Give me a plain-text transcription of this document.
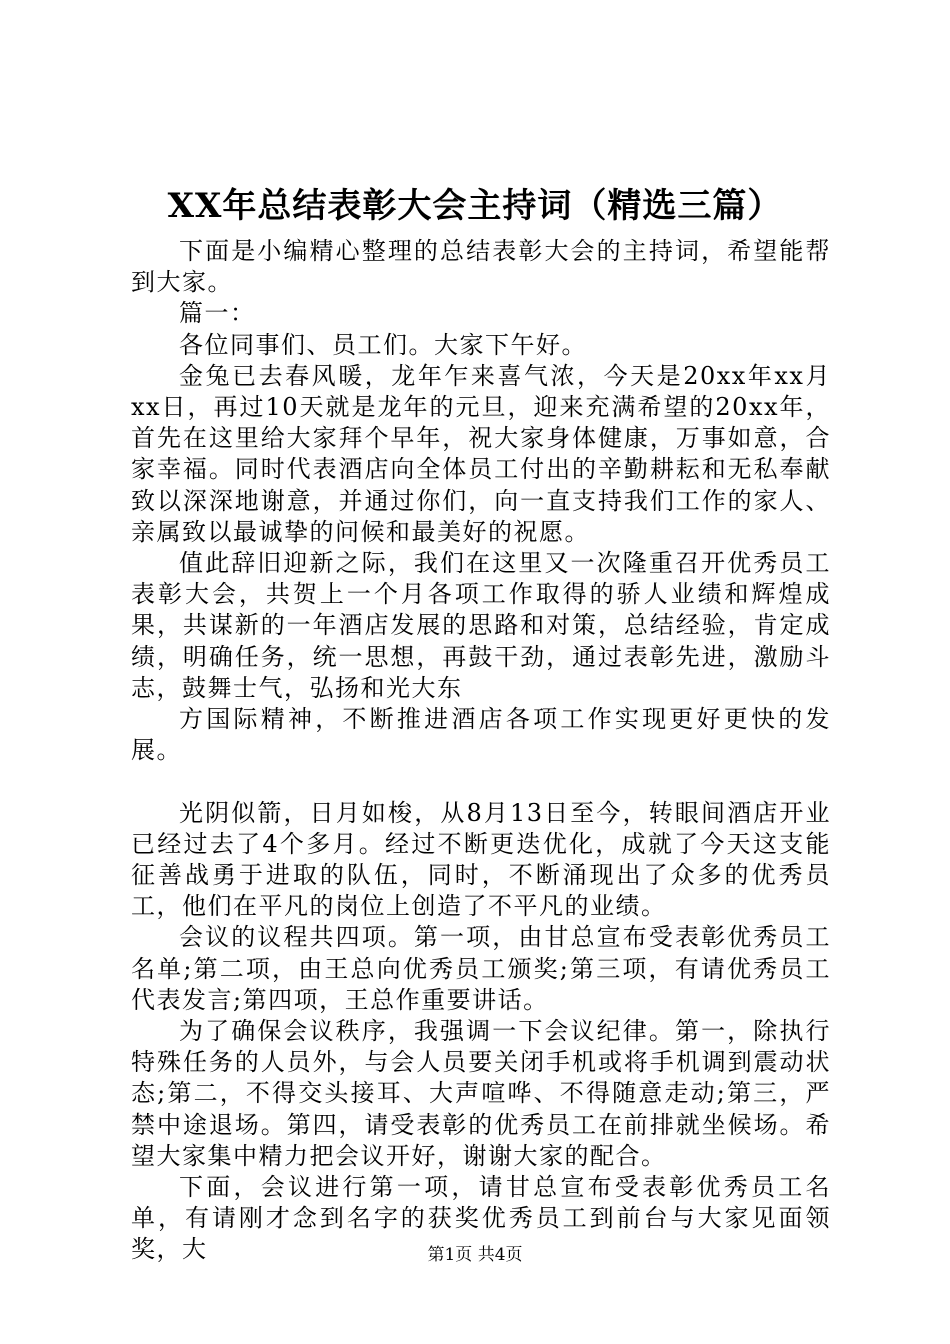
XX年总结表彰大会主持词（精选三篇）

下面是小编精心整理的总结表彰大会的主持词，希望能帮到大家。

篇一：

各位同事们、员工们。大家下午好。

金兔已去春风暖，龙年乍来喜气浓，今天是20xx年xx月xx日，再过10天就是龙年的元旦，迎来充满希望的20xx年，首先在这里给大家拜个早年，祝大家身体健康，万事如意，合家幸福。同时代表酒店向全体员工付出的辛勤耕耘和无私奉献致以深深地谢意，并通过你们，向一直支持我们工作的家人、亲属致以最诚挚的问候和最美好的祝愿。

值此辞旧迎新之际，我们在这里又一次隆重召开优秀员工表彰大会，共贺上一个月各项工作取得的骄人业绩和辉煌成果，共谋新的一年酒店发展的思路和对策，总结经验，肯定成绩，明确任务，统一思想，再鼓干劲，通过表彰先进，激励斗志，鼓舞士气，弘扬和光大东

方国际精神，不断推进酒店各项工作实现更好更快的发展。

光阴似箭，日月如梭，从8月13日至今，转眼间酒店开业已经过去了4个多月。经过不断更迭优化，成就了今天这支能征善战勇于进取的队伍，同时，不断涌现出了众多的优秀员工，他们在平凡的岗位上创造了不平凡的业绩。

会议的议程共四项。第一项，由甘总宣布受表彰优秀员工名单;第二项，由王总向优秀员工颁奖;第三项，有请优秀员工代表发言;第四项，王总作重要讲话。

为了确保会议秩序，我强调一下会议纪律。第一，除执行特殊任务的人员外，与会人员要关闭手机或将手机调到震动状态;第二，不得交头接耳、大声喧哗、不得随意走动;第三，严禁中途退场。第四，请受表彰的优秀员工在前排就坐候场。希望大家集中精力把会议开好，谢谢大家的配合。

下面，会议进行第一项，请甘总宣布受表彰优秀员工名单，有请刚才念到名字的获奖优秀员工到前台与大家见面领奖，大	第1页 共4页
